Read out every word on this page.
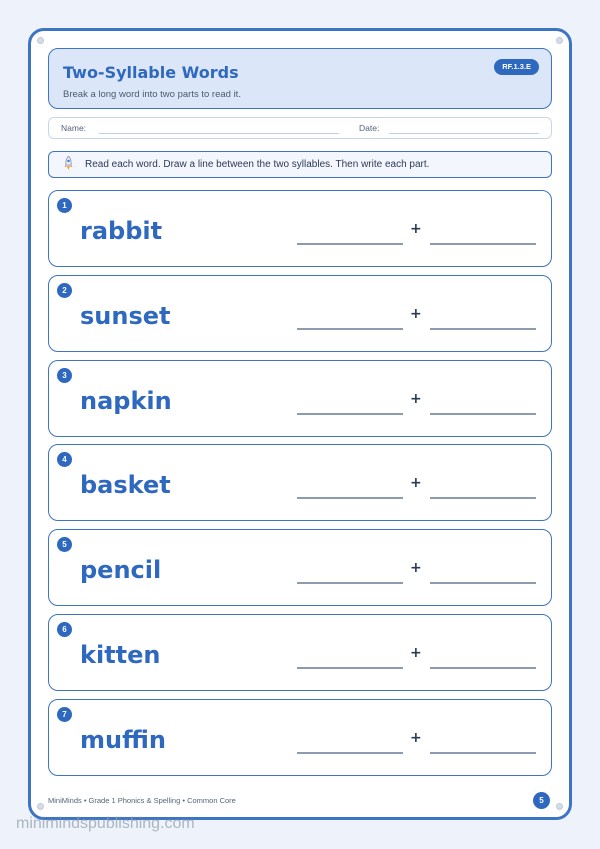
Two-Syllable Words
Break a long word into two parts to read it.
RF.1.3.E
Name:	Date:
Read each word. Draw a line between the two syllables. Then write each part.
1
rabbit	+
2
sunset	+
3
napkin	+
4
basket	+
5
pencil	+
6
kitten	+
7
muffin	+
MiniMinds • Grade 1 Phonics & Spelling • Common Core	5
minimindspublishing.com
